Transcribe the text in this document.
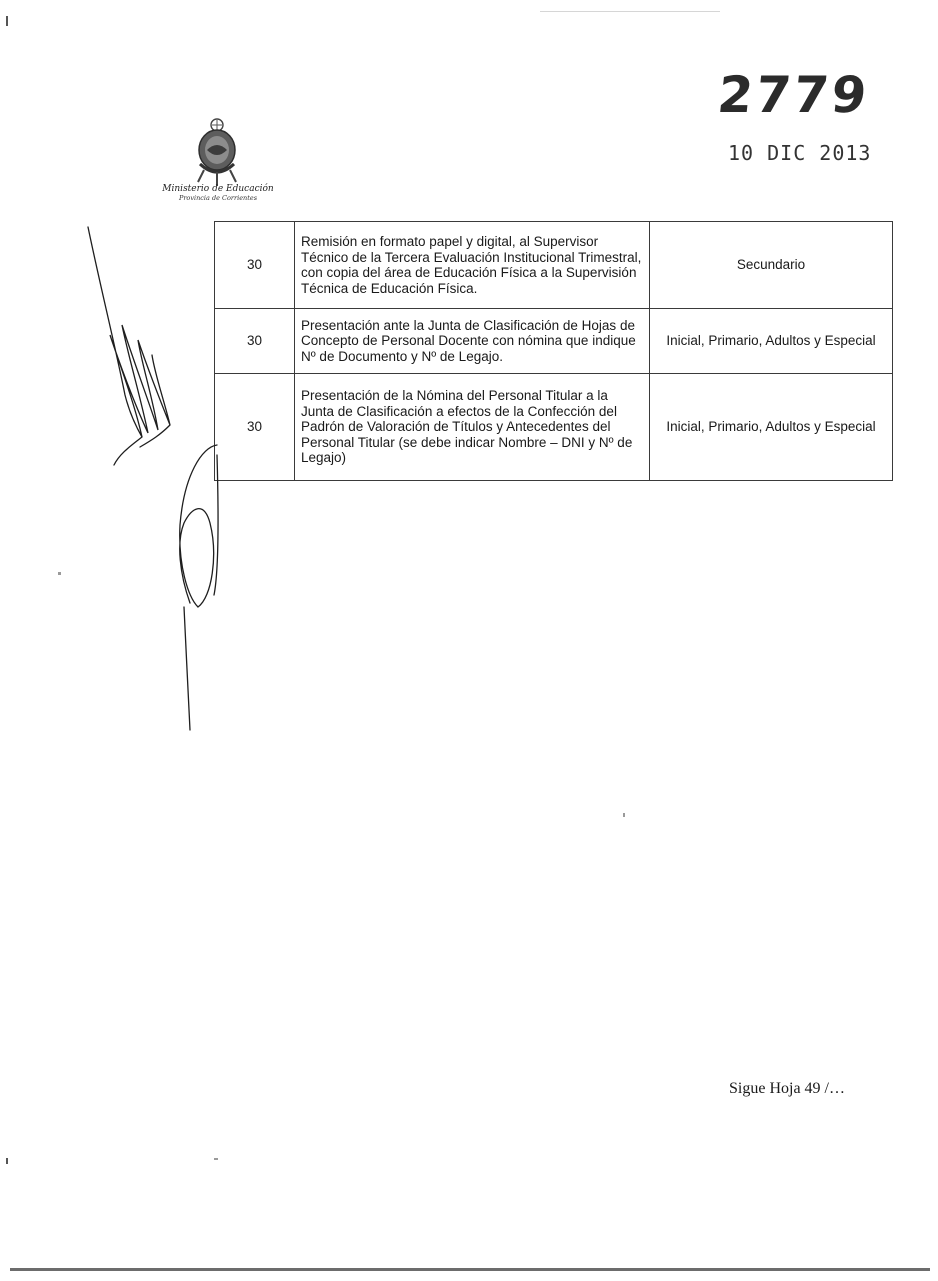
Ministerio de Educación
Provincia de Corrientes
2779
10 DIC 2013
30	Remisión en formato papel y digital, al Supervisor Técnico de la Tercera Evaluación Institucional Trimestral, con copia del área de Educación Física a la Supervisión Técnica de Educación Física.	Secundario
30	Presentación ante la Junta de Clasificación de Hojas de Concepto de Personal Docente con nómina que indique Nº de Documento y Nº de Legajo.	Inicial, Primario, Adultos y Especial
30	Presentación de la Nómina del Personal Titular a la Junta de Clasificación a efectos de la Confección del Padrón de Valoración de Títulos y Antecedentes del Personal Titular (se debe indicar Nombre – DNI y Nº de Legajo)	Inicial, Primario, Adultos y Especial
Sigue Hoja 49 /…
